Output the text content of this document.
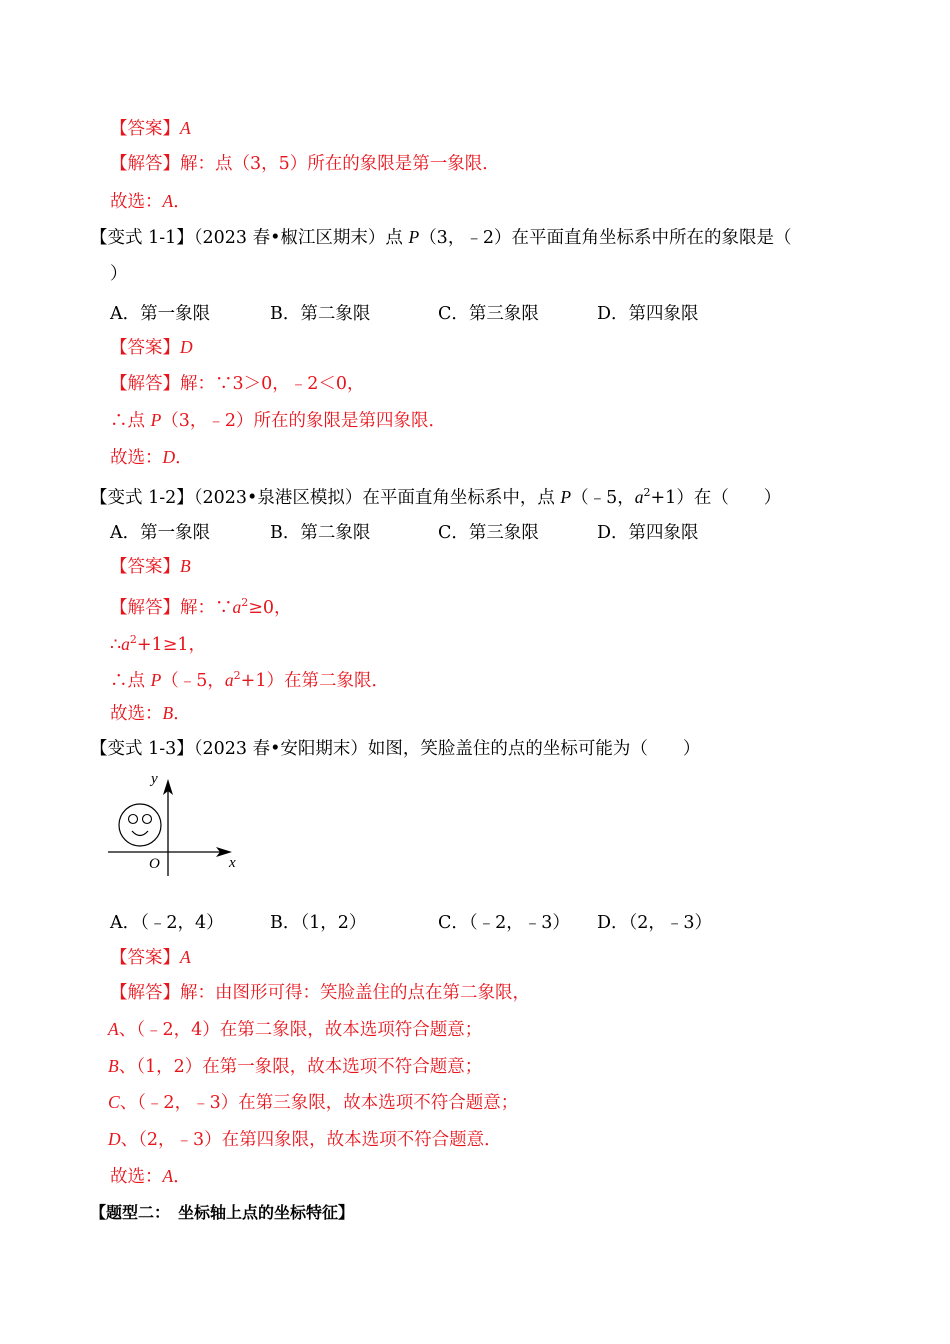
【答案】A
【解答】解：点（3，5）所在的象限是第一象限．
故选：A．
【变式 1-1】（2023 春•椒江区期末）点 P（3，﹣2）在平面直角坐标系中所在的象限是（
）
A．第一象限	B．第二象限	C．第三象限	D．第四象限
【答案】D
【解答】解：∵3＞0，﹣2＜0，
∴点 P（3，﹣2）所在的象限是第四象限．
故选：D．
【变式 1-2】（2023•泉港区模拟）在平面直角坐标系中，点 P（﹣5，$a^2+1$）在（　　）
A．第一象限	B．第二象限	C．第三象限	D．第四象限
【答案】B
【解答】解：$\because a^2\ge 0$，
$\therefore a^2+1\ge 1$，
∴点 P（﹣5，$a^2+1$）在第二象限．
故选：B．
【变式 1-3】（2023 春•安阳期末）如图，笑脸盖住的点的坐标可能为（　　）
A．（﹣2，4）	B．（1，2）	C．（﹣2，﹣3） D．（2，﹣3）
【答案】A
【解答】解：由图形可得：笑脸盖住的点在第二象限，
A、（﹣2，4）在第二象限，故本选项符合题意；
B、（1，2）在第一象限，故本选项不符合题意；
C、（﹣2，﹣3）在第三象限，故本选项不符合题意；
D、（2，﹣3）在第四象限，故本选项不符合题意．
故选：A．
【题型二：　坐标轴上点的坐标特征】
y
O	x
